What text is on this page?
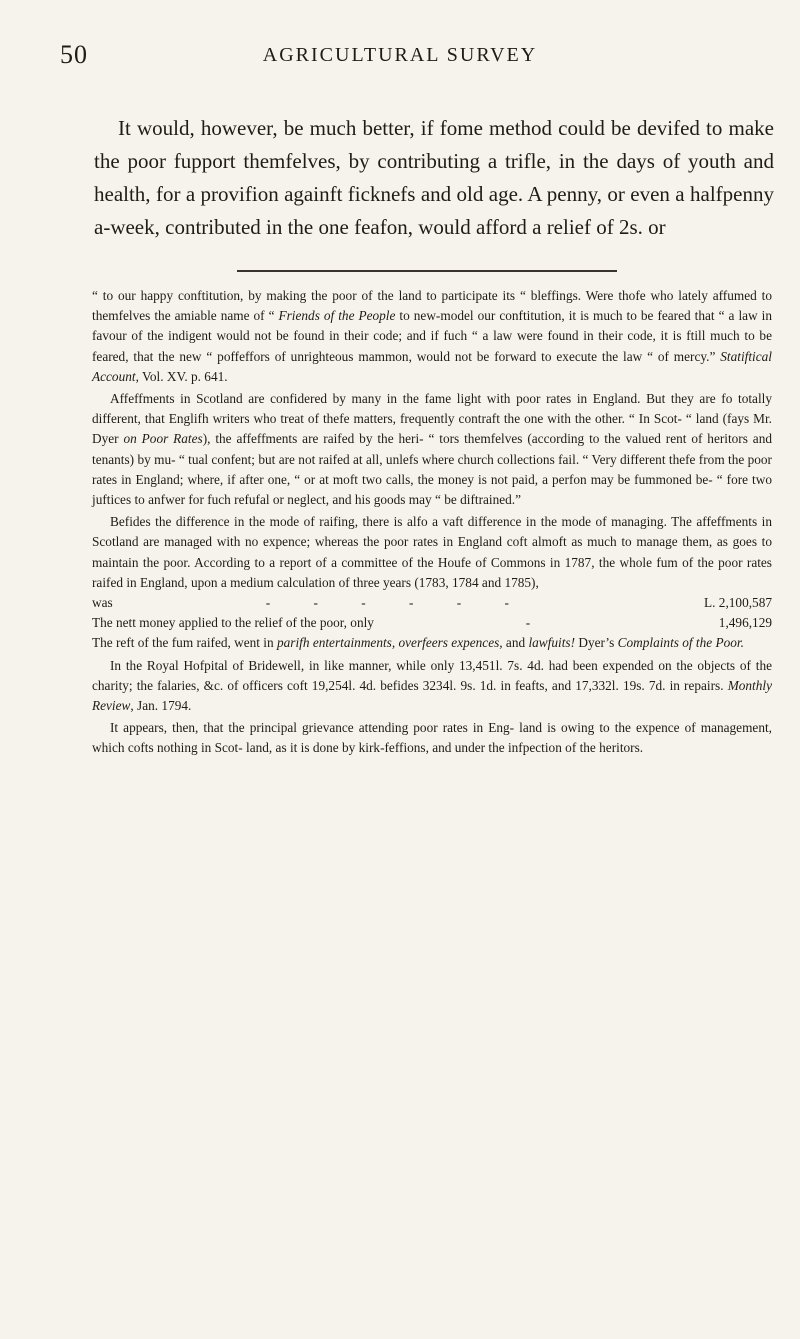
50	AGRICULTURAL SURVEY

It would, however, be much better, if fome method could be devifed to make the poor fupport themfelves, by contributing a trifle, in the days of youth and health, for a provifion againft ficknefs and old age. A penny, or even a halfpenny a-week, contributed in the one feafon, would afford a relief of 2s. or

“ to our happy conftitution, by making the poor of the land to participate its “ bleffings. Were thofe who lately affumed to themfelves the amiable name of “ Friends of the People to new-model our conftitution, it is much to be feared that “ a law in favour of the indigent would not be found in their code; and if fuch “ a law were found in their code, it is ftill much to be feared, that the new “ poffeffors of unrighteous mammon, would not be forward to execute the law “ of mercy.” Statiftical Account, Vol. XV. p. 641.

Affeffments in Scotland are confidered by many in the fame light with poor rates in England. But they are fo totally different, that Englifh writers who treat of thefe matters, frequently contraft the one with the other. “ In Scot- “ land (fays Mr. Dyer on Poor Rates), the affeffments are raifed by the heri- “ tors themfelves (according to the valued rent of heritors and tenants) by mu- “ tual confent; but are not raifed at all, unlefs where church collections fail. “ Very different thefe from the poor rates in England; where, if after one, “ or at moft two calls, the money is not paid, a perfon may be fummoned be- “ fore two juftices to anfwer for fuch refufal or neglect, and his goods may “ be diftrained.”

Befides the difference in the mode of raifing, there is alfo a vaft difference in the mode of managing. The affeffments in Scotland are managed with no expence; whereas the poor rates in England coft almoft as much to manage them, as goes to maintain the poor. According to a report of a committee of the Houfe of Commons in 1787, the whole fum of the poor rates raifed in England, upon a medium calculation of three years (1783, 1784 and 1785),

was	- - - - - -	L. 2,100,587

The nett money applied to the relief of the poor, only	-	1,496,129

The reft of the fum raifed, went in parifh entertainments, overfeers expences, and lawfuits! Dyer’s Complaints of the Poor.

In the Royal Hofpital of Bridewell, in like manner, while only 13,451l. 7s. 4d. had been expended on the objects of the charity; the falaries, &c. of officers coft 19,254l. 4d. befides 3234l. 9s. 1d. in feafts, and 17,332l. 19s. 7d. in repairs. Monthly Review, Jan. 1794.

It appears, then, that the principal grievance attending poor rates in Eng- land is owing to the expence of management, which cofts nothing in Scot- land, as it is done by kirk-feffions, and under the infpection of the heritors.
